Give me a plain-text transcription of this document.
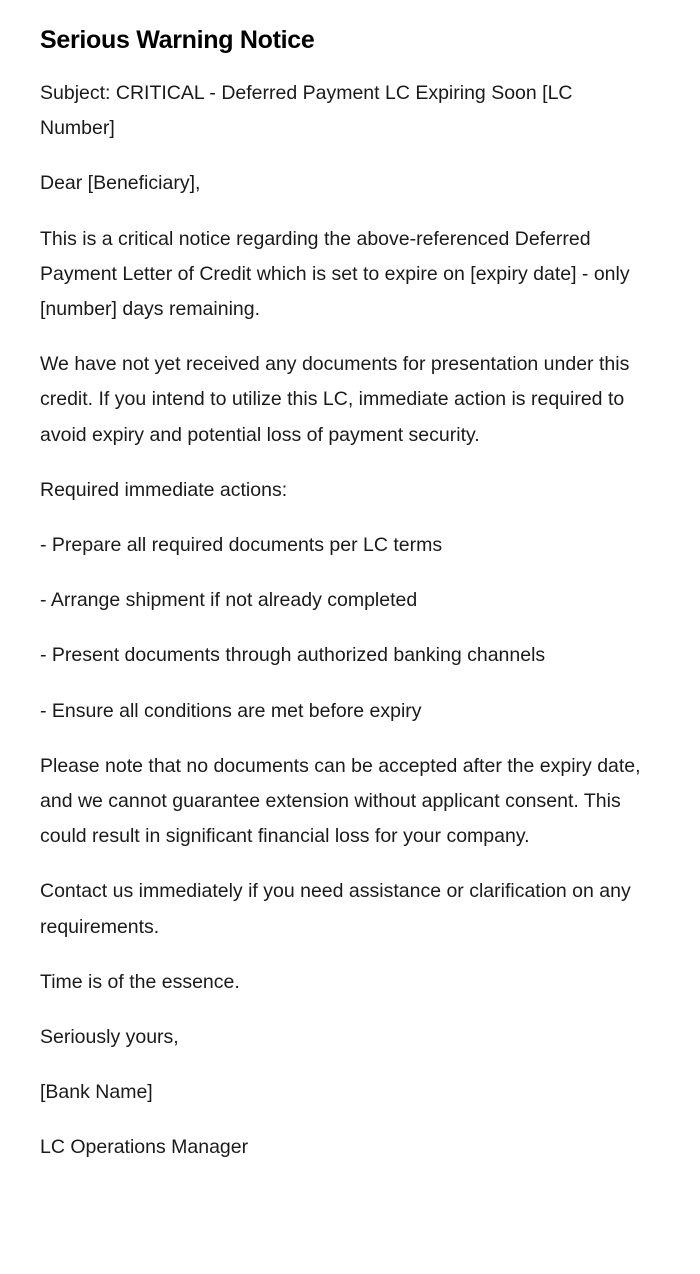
Serious Warning Notice

Subject: CRITICAL - Deferred Payment LC Expiring Soon [LC Number]

Dear [Beneficiary],

This is a critical notice regarding the above-referenced Deferred Payment Letter of Credit which is set to expire on [expiry date] - only [number] days remaining.

We have not yet received any documents for presentation under this credit. If you intend to utilize this LC, immediate action is required to avoid expiry and potential loss of payment security.

Required immediate actions:

- Prepare all required documents per LC terms

- Arrange shipment if not already completed

- Present documents through authorized banking channels

- Ensure all conditions are met before expiry

Please note that no documents can be accepted after the expiry date, and we cannot guarantee extension without applicant consent. This could result in significant financial loss for your company.

Contact us immediately if you need assistance or clarification on any requirements.

Time is of the essence.

Seriously yours,

[Bank Name]

LC Operations Manager
